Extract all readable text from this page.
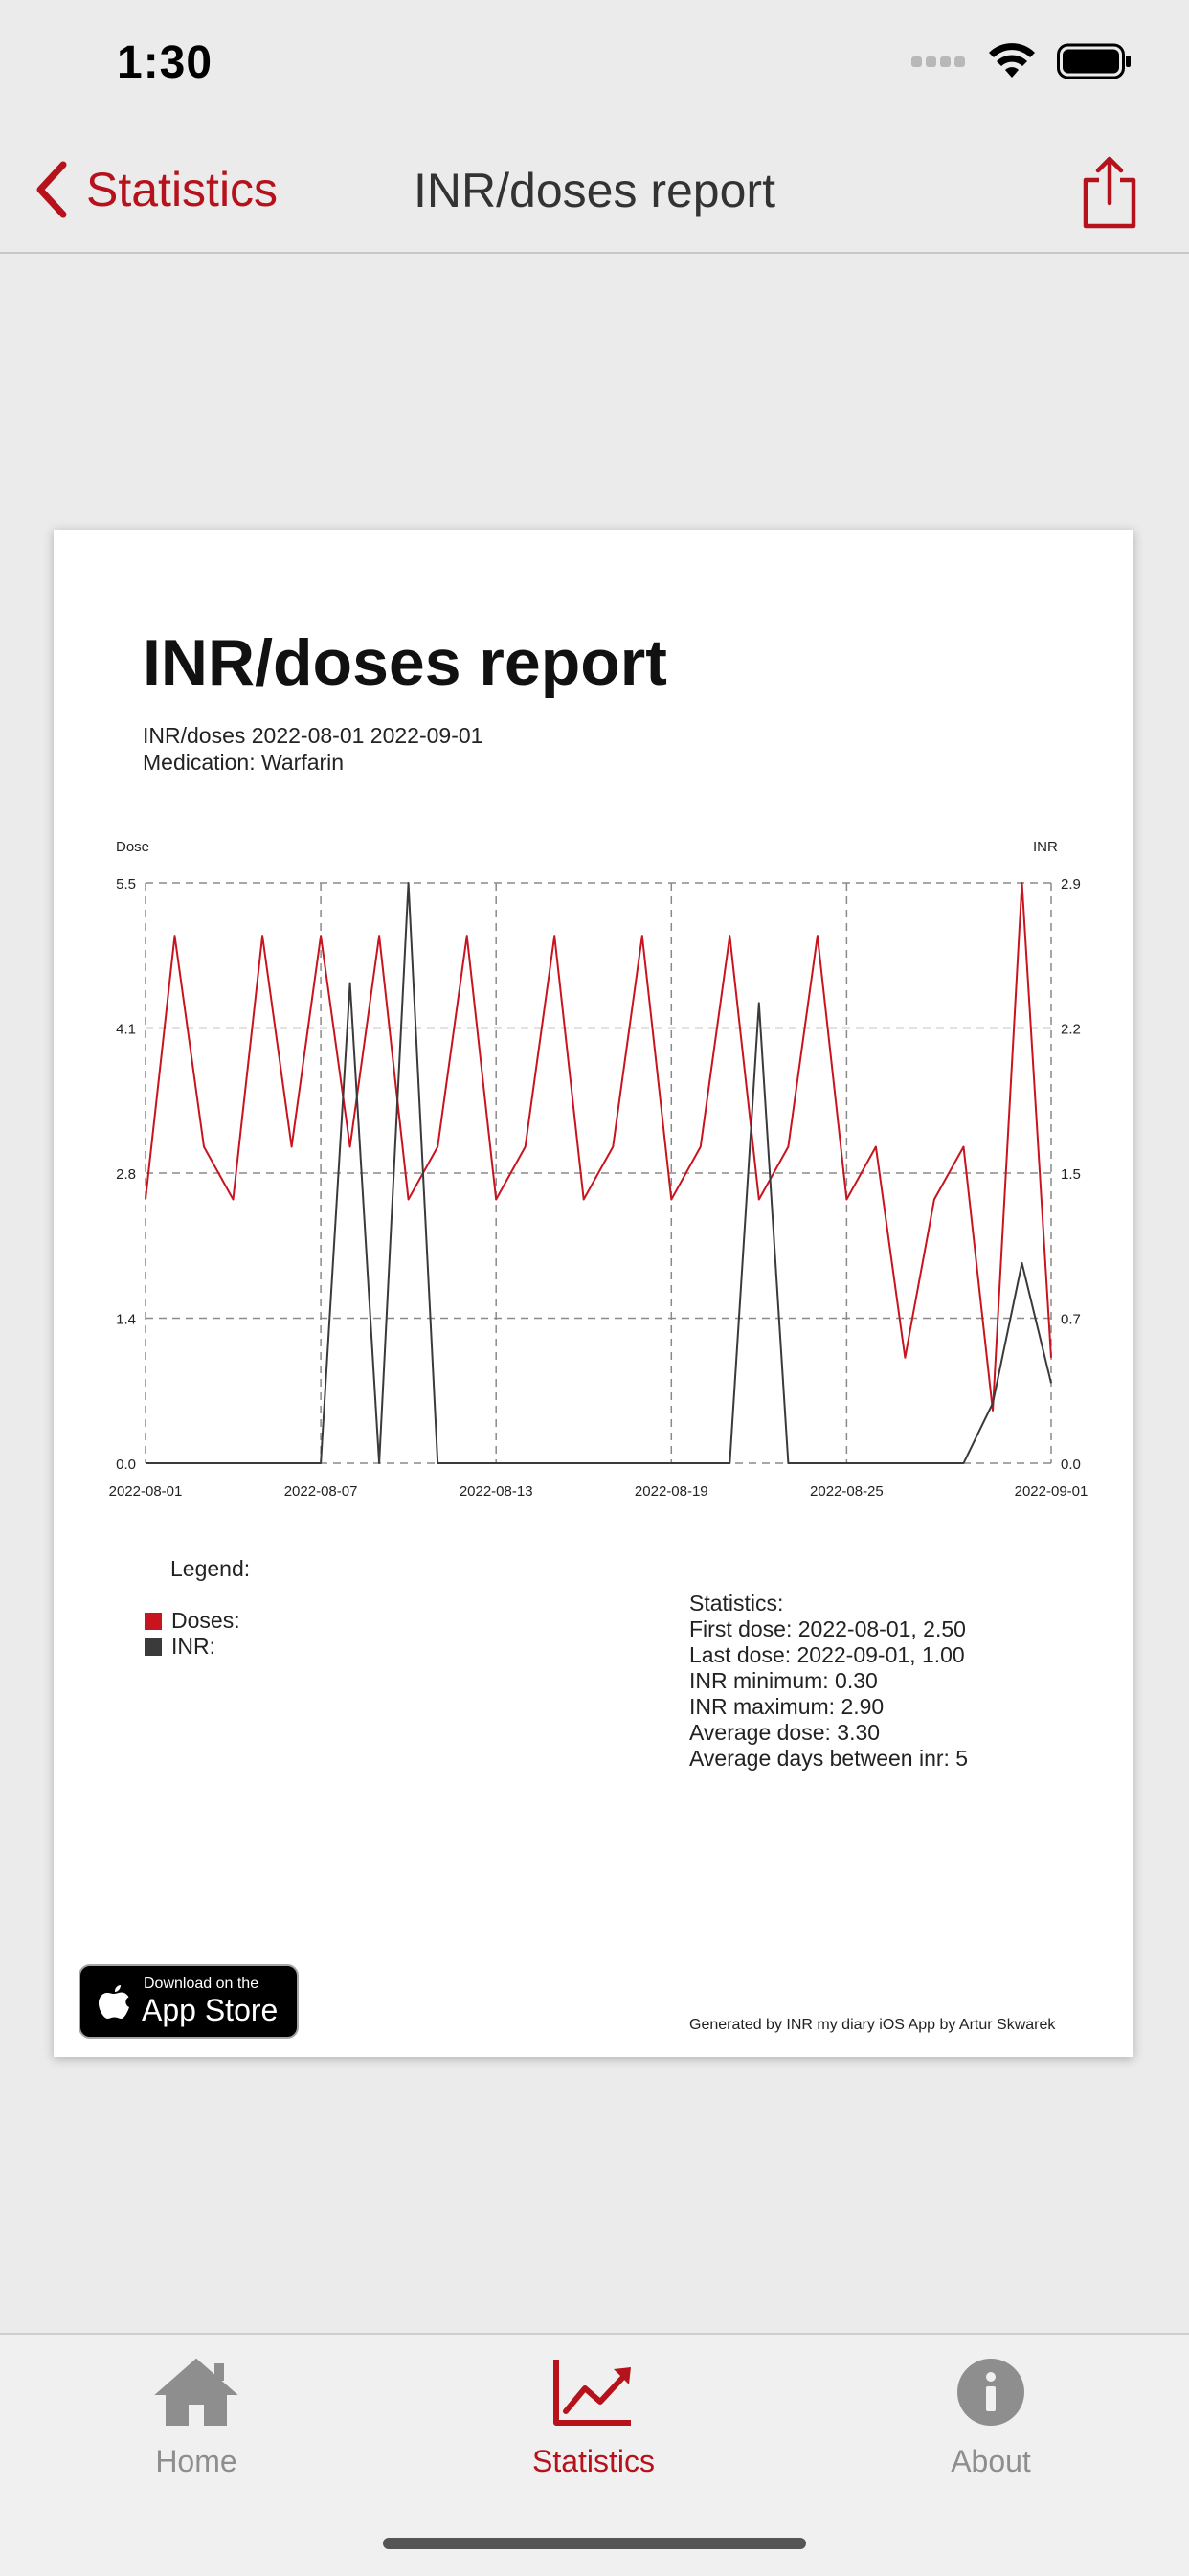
1:30
Statistics	INR/doses report
INR/doses report
INR/doses 2022-08-01 2022-09-01
Medication: Warfarin
Dose	INR
0.0	0.0
1.4	0.7
2.8	1.5
4.1	2.2
5.5	2.9
2022-08-01	2022-08-07	2022-08-13	2022-08-19	2022-08-25	2022-09-01
Legend:
Doses:
INR:
Statistics:
First dose: 2022-08-01, 2.50
Last dose: 2022-09-01, 1.00
INR minimum: 0.30
INR maximum: 2.90
Average dose: 3.30
Average days between inr: 5
Download on the
App Store	Generated by INR my diary iOS App by Artur Skwarek
Home	Statistics	About
